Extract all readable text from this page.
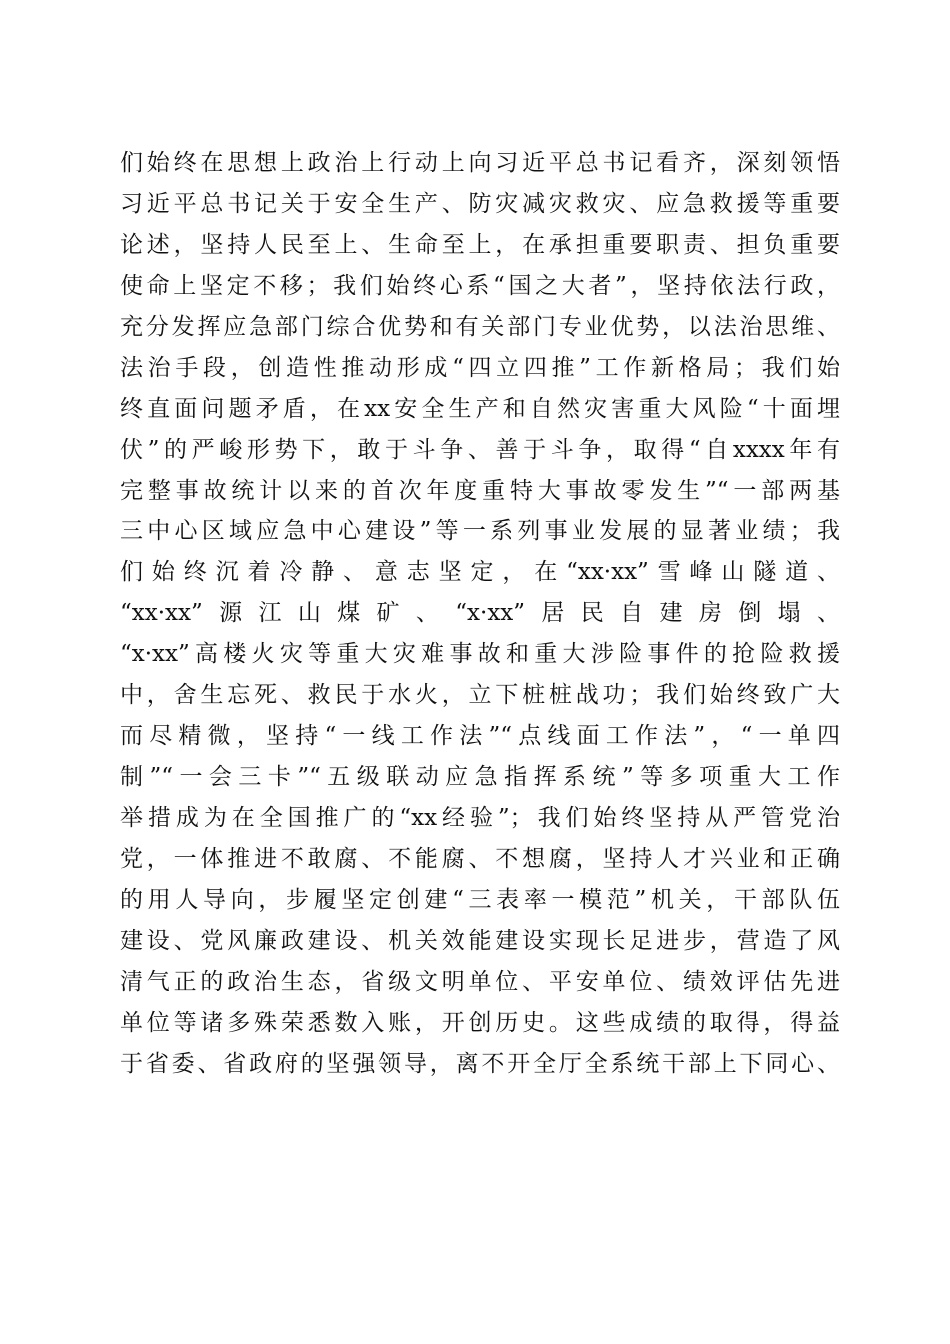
们始终在思想上政治上行动上向习近平总书记看齐，深刻领悟
习近平总书记关于安全生产、防灾减灾救灾、应急救援等重要
论述，坚持人民至上、生命至上，在承担重要职责、担负重要
使命上坚定不移；我们始终心系“国之大者”，坚持依法行政，
充分发挥应急部门综合优势和有关部门专业优势，以法治思维、
法治手段，创造性推动形成“四立四推”工作新格局；我们始
终直面问题矛盾，在xx安全生产和自然灾害重大风险“十面埋
伏”的严峻形势下，敢于斗争、善于斗争，取得“自xxxx年有
完整事故统计以来的首次年度重特大事故零发生”“一部两基
三中心区域应急中心建设”等一系列事业发展的显著业绩；我
们始终沉着冷静、意志坚定，在“xx·xx”雪峰山隧道、
“xx·xx”源江山煤矿、“x·xx”居民自建房倒塌、
“x·xx”高楼火灾等重大灾难事故和重大涉险事件的抢险救援
中，舍生忘死、救民于水火，立下桩桩战功；我们始终致广大
而尽精微，坚持“一线工作法”“点线面工作法”，“一单四
制”“一会三卡”“五级联动应急指挥系统”等多项重大工作
举措成为在全国推广的“xx经验”；我们始终坚持从严管党治
党，一体推进不敢腐、不能腐、不想腐，坚持人才兴业和正确
的用人导向，步履坚定创建“三表率一模范”机关，干部队伍
建设、党风廉政建设、机关效能建设实现长足进步，营造了风
清气正的政治生态，省级文明单位、平安单位、绩效评估先进
单位等诸多殊荣悉数入账，开创历史。这些成绩的取得，得益
于省委、省政府的坚强领导，离不开全厅全系统干部上下同心、
